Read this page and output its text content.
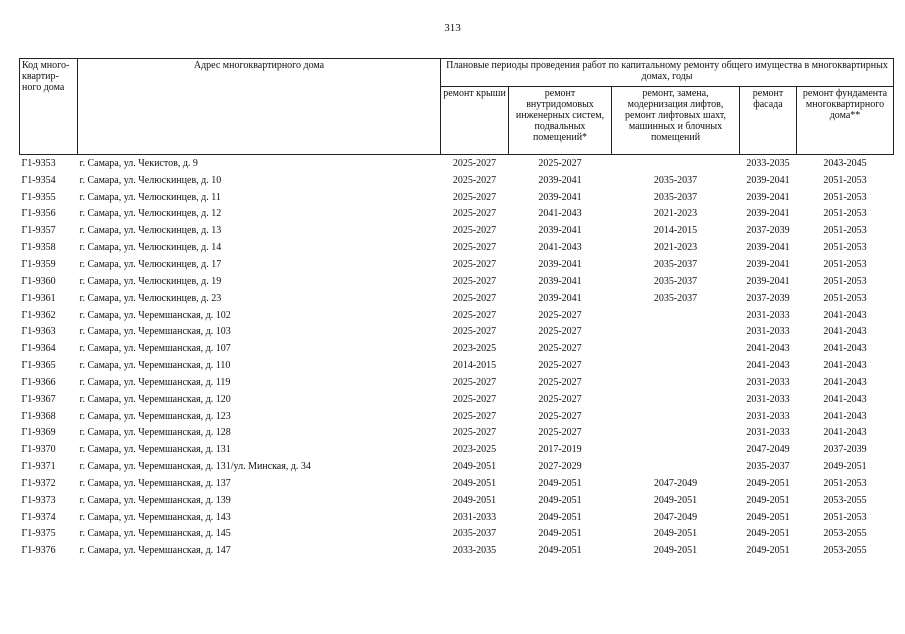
313
Код много-квартир-ного дома	Адрес многоквартирного дома	Плановые периоды проведения работ по капитальному ремонту общего имущества в многоквартирных домах, годы				
		ремонт крыши	ремонт внутридомовых инженерных систем, подвальных помещений*	ремонт, замена, модернизация лифтов, ремонт лифтовых шахт, машинных и блочных помещений	ремонт фасада	ремонт фундамента многоквартирного дома**
Г1-9353	г. Самара, ул. Чекистов, д. 9	2025-2027	2025-2027		2033-2035	2043-2045
Г1-9354	г. Самара, ул. Челюскинцев, д. 10	2025-2027	2039-2041	2035-2037	2039-2041	2051-2053
Г1-9355	г. Самара, ул. Челюскинцев, д. 11	2025-2027	2039-2041	2035-2037	2039-2041	2051-2053
Г1-9356	г. Самара, ул. Челюскинцев, д. 12	2025-2027	2041-2043	2021-2023	2039-2041	2051-2053
Г1-9357	г. Самара, ул. Челюскинцев, д. 13	2025-2027	2039-2041	2014-2015	2037-2039	2051-2053
Г1-9358	г. Самара, ул. Челюскинцев, д. 14	2025-2027	2041-2043	2021-2023	2039-2041	2051-2053
Г1-9359	г. Самара, ул. Челюскинцев, д. 17	2025-2027	2039-2041	2035-2037	2039-2041	2051-2053
Г1-9360	г. Самара, ул. Челюскинцев, д. 19	2025-2027	2039-2041	2035-2037	2039-2041	2051-2053
Г1-9361	г. Самара, ул. Челюскинцев, д. 23	2025-2027	2039-2041	2035-2037	2037-2039	2051-2053
Г1-9362	г. Самара, ул. Черемшанская, д. 102	2025-2027	2025-2027		2031-2033	2041-2043
Г1-9363	г. Самара, ул. Черемшанская, д. 103	2025-2027	2025-2027		2031-2033	2041-2043
Г1-9364	г. Самара, ул. Черемшанская, д. 107	2023-2025	2025-2027		2041-2043	2041-2043
Г1-9365	г. Самара, ул. Черемшанская, д. 110	2014-2015	2025-2027		2041-2043	2041-2043
Г1-9366	г. Самара, ул. Черемшанская, д. 119	2025-2027	2025-2027		2031-2033	2041-2043
Г1-9367	г. Самара, ул. Черемшанская, д. 120	2025-2027	2025-2027		2031-2033	2041-2043
Г1-9368	г. Самара, ул. Черемшанская, д. 123	2025-2027	2025-2027		2031-2033	2041-2043
Г1-9369	г. Самара, ул. Черемшанская, д. 128	2025-2027	2025-2027		2031-2033	2041-2043
Г1-9370	г. Самара, ул. Черемшанская, д. 131	2023-2025	2017-2019		2047-2049	2037-2039
Г1-9371	г. Самара, ул. Черемшанская, д. 131/ул. Минская, д. 34	2049-2051	2027-2029		2035-2037	2049-2051
Г1-9372	г. Самара, ул. Черемшанская, д. 137	2049-2051	2049-2051	2047-2049	2049-2051	2051-2053
Г1-9373	г. Самара, ул. Черемшанская, д. 139	2049-2051	2049-2051	2049-2051	2049-2051	2053-2055
Г1-9374	г. Самара, ул. Черемшанская, д. 143	2031-2033	2049-2051	2047-2049	2049-2051	2051-2053
Г1-9375	г. Самара, ул. Черемшанская, д. 145	2035-2037	2049-2051	2049-2051	2049-2051	2053-2055
Г1-9376	г. Самара, ул. Черемшанская, д. 147	2033-2035	2049-2051	2049-2051	2049-2051	2053-2055
